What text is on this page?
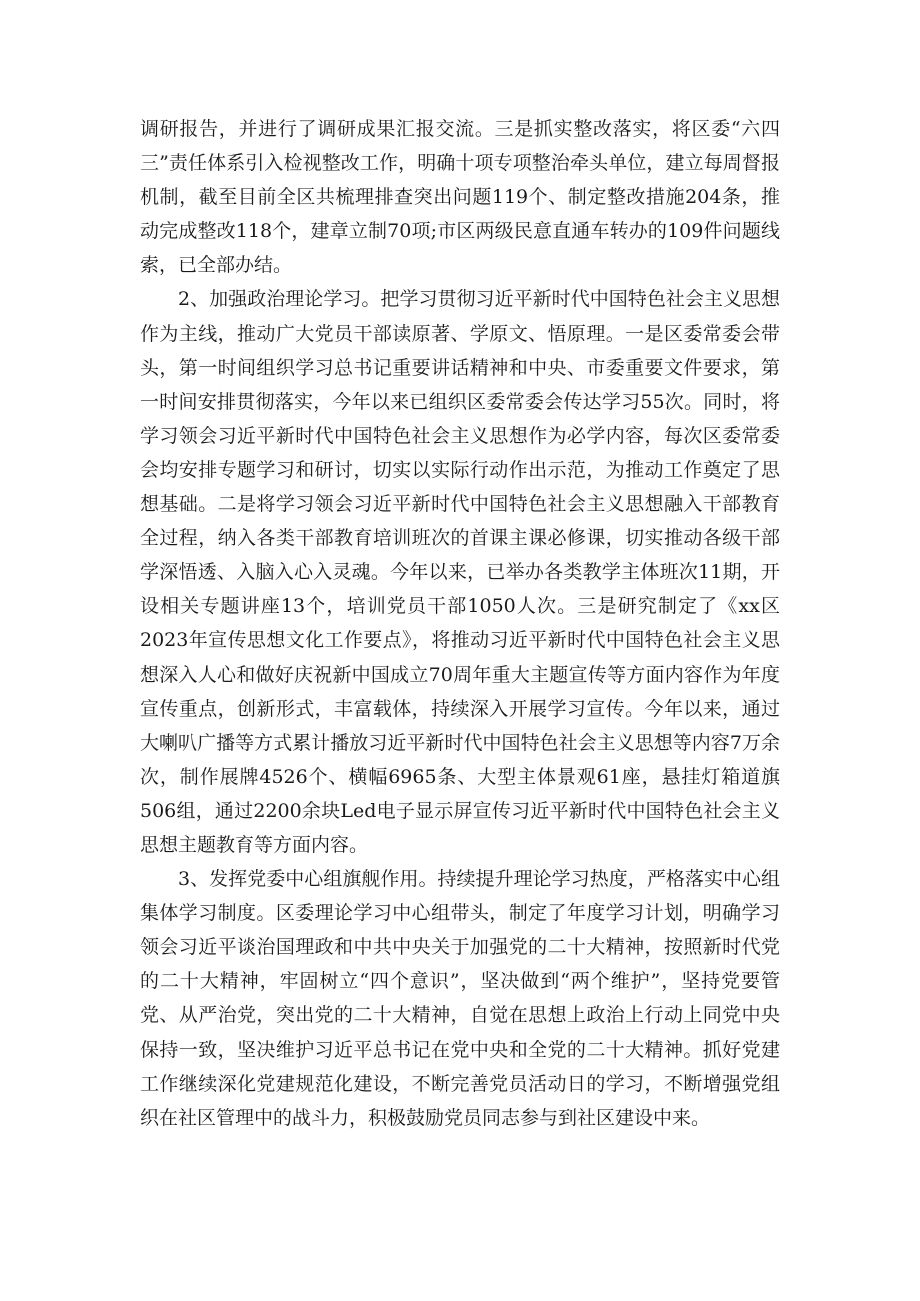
调研报告，并进行了调研成果汇报交流。三是抓实整改落实，将区委“六四三”责任体系引入检视整改工作，明确十项专项整治牵头单位，建立每周督报机制，截至目前全区共梳理排查突出问题119个、制定整改措施204条，推动完成整改118个，建章立制70项;市区两级民意直通车转办的109件问题线索，已全部办结。

2、加强政治理论学习。把学习贯彻习近平新时代中国特色社会主义思想作为主线，推动广大党员干部读原著、学原文、悟原理。一是区委常委会带头，第一时间组织学习总书记重要讲话精神和中央、市委重要文件要求，第一时间安排贯彻落实，今年以来已组织区委常委会传达学习55次。同时，将学习领会习近平新时代中国特色社会主义思想作为必学内容，每次区委常委会均安排专题学习和研讨，切实以实际行动作出示范，为推动工作奠定了思想基础。二是将学习领会习近平新时代中国特色社会主义思想融入干部教育全过程，纳入各类干部教育培训班次的首课主课必修课，切实推动各级干部学深悟透、入脑入心入灵魂。今年以来，已举办各类教学主体班次11期，开设相关专题讲座13个，培训党员干部1050人次。三是研究制定了《xx区2023年宣传思想文化工作要点》，将推动习近平新时代中国特色社会主义思想深入人心和做好庆祝新中国成立70周年重大主题宣传等方面内容作为年度宣传重点，创新形式，丰富载体，持续深入开展学习宣传。今年以来，通过大喇叭广播等方式累计播放习近平新时代中国特色社会主义思想等内容7万余次，制作展牌4526个、横幅6965条、大型主体景观61座，悬挂灯箱道旗506组，通过2200余块Led电子显示屏宣传习近平新时代中国特色社会主义思想主题教育等方面内容。

3、发挥党委中心组旗舰作用。持续提升理论学习热度，严格落实中心组集体学习制度。区委理论学习中心组带头，制定了年度学习计划，明确学习领会习近平谈治国理政和中共中央关于加强党的二十大精神，按照新时代党的二十大精神，牢固树立“四个意识”，坚决做到“两个维护”，坚持党要管党、从严治党，突出党的二十大精神，自觉在思想上政治上行动上同党中央保持一致，坚决维护习近平总书记在党中央和全党的二十大精神。抓好党建工作继续深化党建规范化建设，不断完善党员活动日的学习，不断增强党组织在社区管理中的战斗力，积极鼓励党员同志参与到社区建设中来。
